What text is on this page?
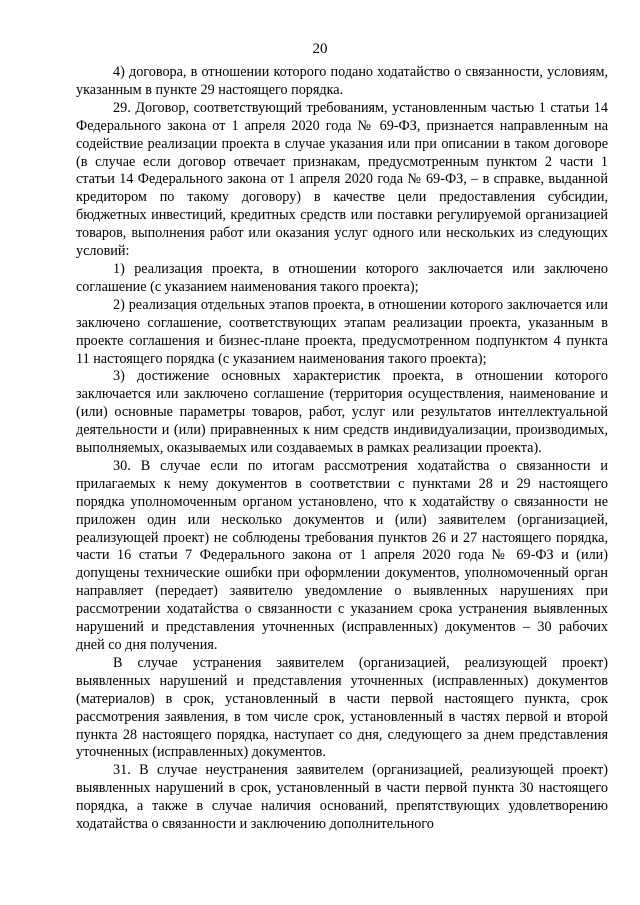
20

4) договора, в отношении которого подано ходатайство о связанности, условиям, указанным в пункте 29 настоящего порядка.

29. Договор, соответствующий требованиям, установленным частью 1 статьи 14 Федерального закона от 1 апреля 2020 года № 69-ФЗ, признается направленным на содействие реализации проекта в случае указания или при описании в таком договоре (в случае если договор отвечает признакам, предусмотренным пунктом 2 части 1 статьи 14 Федерального закона от 1 апреля 2020 года № 69-ФЗ, – в справке, выданной кредитором по такому договору) в качестве цели предоставления субсидии, бюджетных инвестиций, кредитных средств или поставки регулируемой организацией товаров, выполнения работ или оказания услуг одного или нескольких из следующих условий:

1) реализация проекта, в отношении которого заключается или заключено соглашение (с указанием наименования такого проекта);

2) реализация отдельных этапов проекта, в отношении которого заключается или заключено соглашение, соответствующих этапам реализации проекта, указанным в проекте соглашения и бизнес-плане проекта, предусмотренном подпунктом 4 пункта 11 настоящего порядка (с указанием наименования такого проекта);

3) достижение основных характеристик проекта, в отношении которого заключается или заключено соглашение (территория осуществления, наименование и (или) основные параметры товаров, работ, услуг или результатов интеллектуальной деятельности и (или) приравненных к ним средств индивидуализации, производимых, выполняемых, оказываемых или создаваемых в рамках реализации проекта).

30. В случае если по итогам рассмотрения ходатайства о связанности и прилагаемых к нему документов в соответствии с пунктами 28 и 29 настоящего порядка уполномоченным органом установлено, что к ходатайству о связанности не приложен один или несколько документов и (или) заявителем (организацией, реализующей проект) не соблюдены требования пунктов 26 и 27 настоящего порядка, части 16 статьи 7 Федерального закона от 1 апреля 2020 года № 69-ФЗ и (или) допущены технические ошибки при оформлении документов, уполномоченный орган направляет (передает) заявителю уведомление о выявленных нарушениях при рассмотрении ходатайства о связанности с указанием срока устранения выявленных нарушений и представления уточненных (исправленных) документов – 30 рабочих дней со дня получения.

В случае устранения заявителем (организацией, реализующей проект) выявленных нарушений и представления уточненных (исправленных) документов (материалов) в срок, установленный в части первой настоящего пункта, срок рассмотрения заявления, в том числе срок, установленный в частях первой и второй пункта 28 настоящего порядка, наступает со дня, следующего за днем представления уточненных (исправленных) документов.

31. В случае неустранения заявителем (организацией, реализующей проект) выявленных нарушений в срок, установленный в части первой пункта 30 настоящего порядка, а также в случае наличия оснований, препятствующих удовлетворению ходатайства о связанности и заключению дополнительного
